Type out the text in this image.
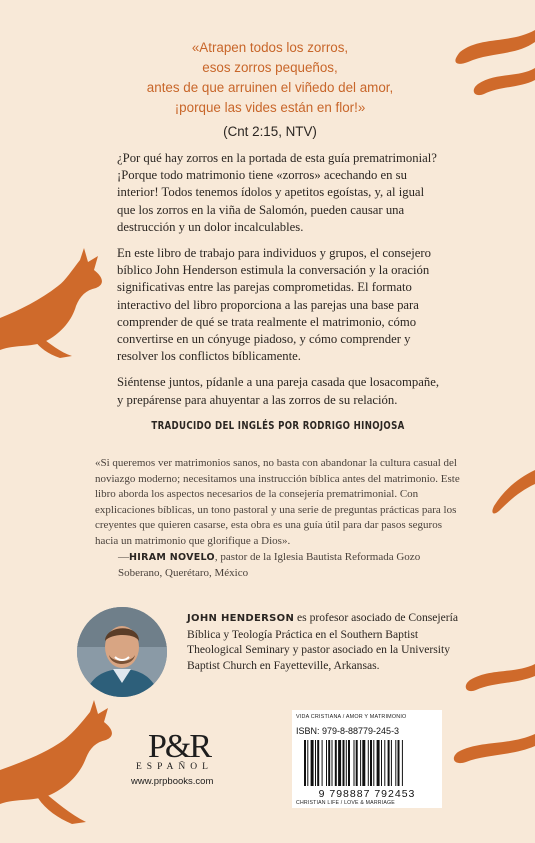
«Atrapen todos los zorros,
esos zorros pequeños,
antes de que arruinen el viñedo del amor,
¡porque las vides están en flor!»
(Cnt 2:15, NTV)

¿Por qué hay zorros en la portada de esta guía prematrimonial? ¡Porque todo matrimonio tiene «zorros» acechando en su interior! Todos tenemos ídolos y apetitos egoístas, y, al igual que los zorros en la viña de Salomón, pueden causar una destrucción y un dolor incalculables.

En este libro de trabajo para individuos y grupos, el consejero bíblico John Henderson estimula la conversación y la oración significativas entre las parejas comprometidas. El formato interactivo del libro proporciona a las parejas una base para comprender de qué se trata realmente el matrimonio, cómo convertirse en un cónyuge piadoso, y cómo comprender y resolver los conflictos bíblicamente.

Siéntense juntos, pídanle a una pareja casada que losacompañe, y prepárense para ahuyentar a las zorros de su relación.

TRADUCIDO DEL INGLÉS POR RODRIGO HINOJOSA
«Si queremos ver matrimonios sanos, no basta con abandonar la cultura casual del noviazgo moderno; necesitamos una instrucción bíblica antes del matrimonio. Este libro aborda los aspectos necesarios de la consejería prematrimonial. Con explicaciones bíblicas, un tono pastoral y una serie de preguntas prácticas para los creyentes que quieren casarse, esta obra es una guía útil para dar pasos seguros hacia un matrimonio que glorifique a Dios».
—HIRAM NOVELO, pastor de la Iglesia Bautista Reformada Gozo Soberano, Querétaro, México
JOHN HENDERSON es profesor asociado de Consejería Bíblica y Teología Práctica en el Southern Baptist Theological Seminary y pastor asociado en la University Baptist Church en Fayetteville, Arkansas.
P&R
ESPAÑOL
www.prpbooks.com
VIDA CRISTIANA / AMOR Y MATRIMONIO
ISBN: 979-8-88779-245-3
9 798887 792453
CHRISTIAN LIFE / LOVE & MARRIAGE
